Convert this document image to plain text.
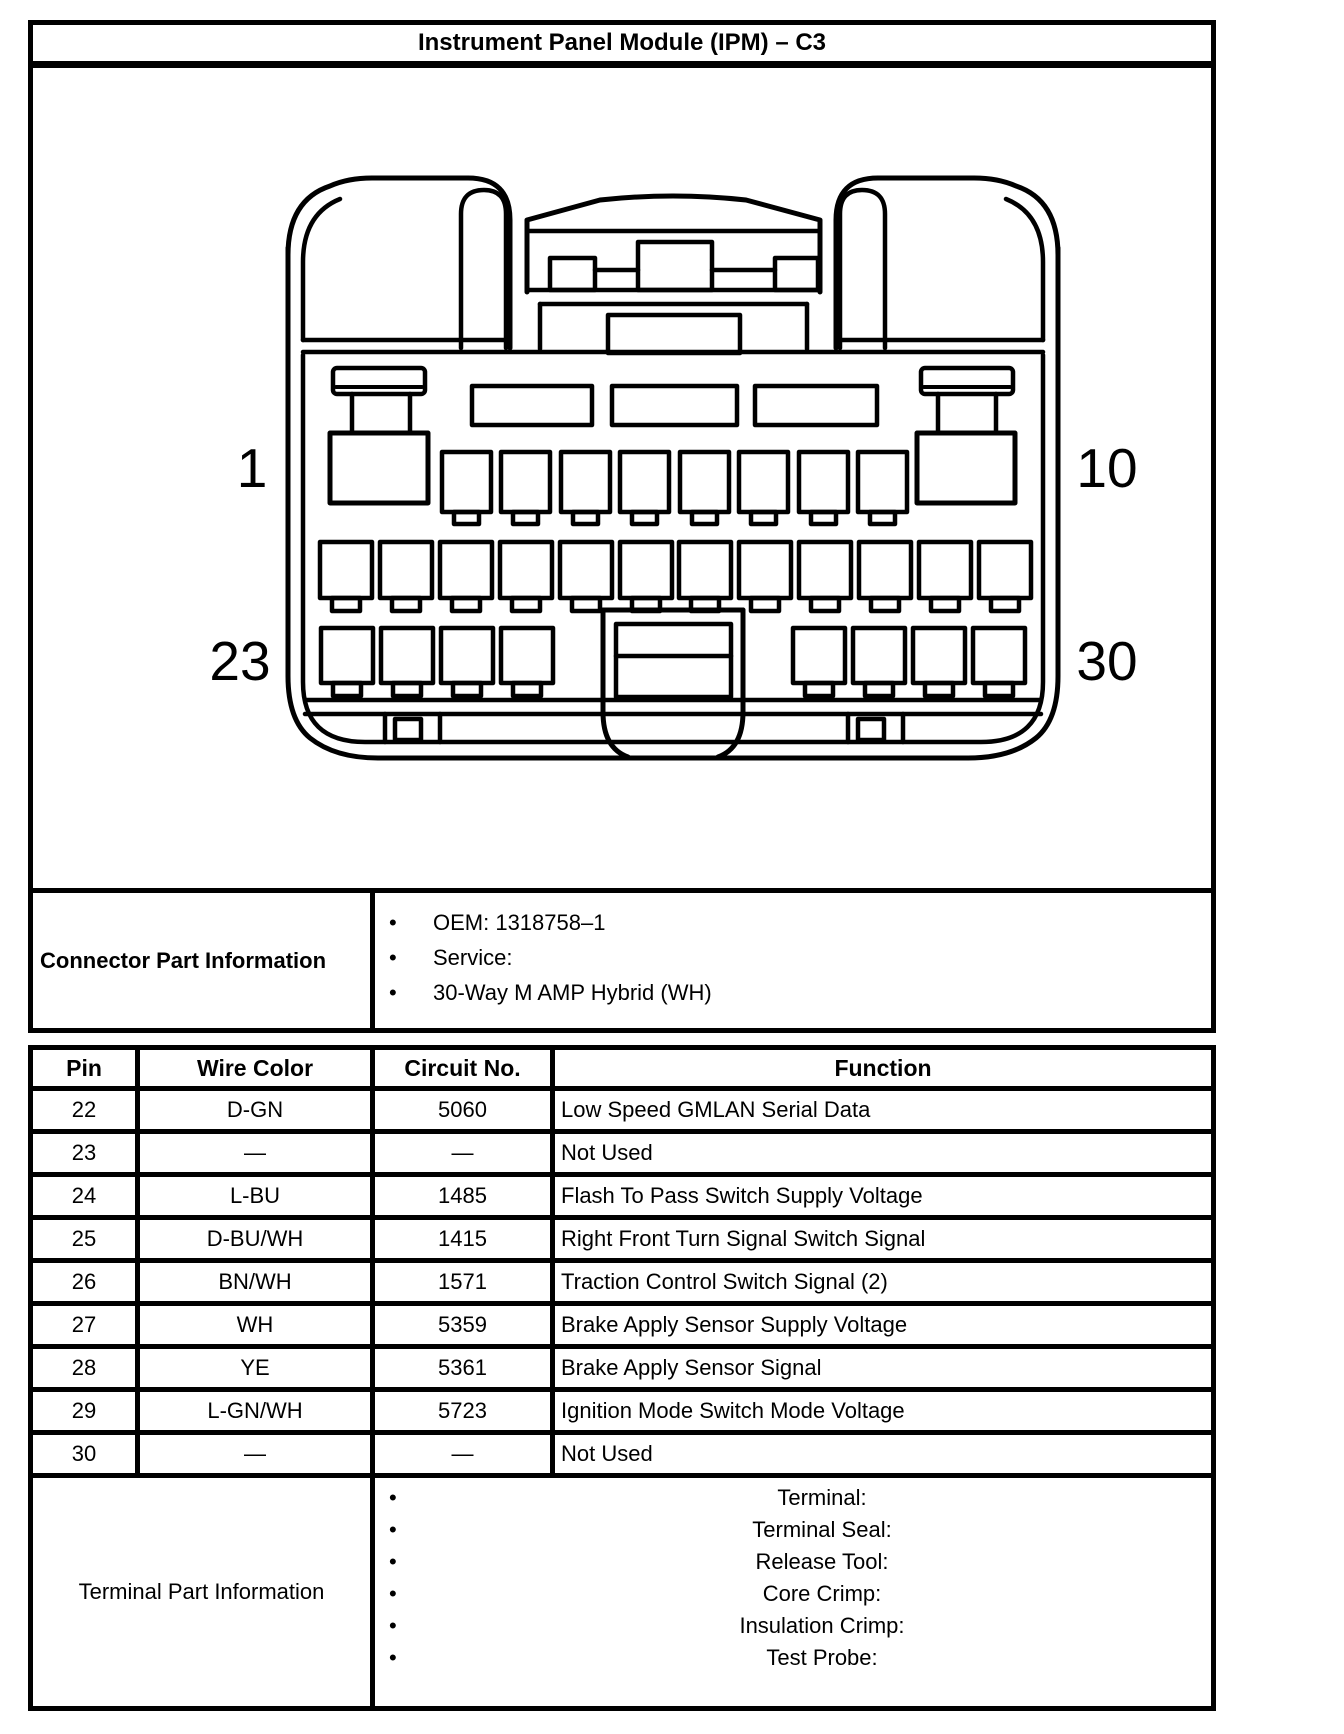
Instrument Panel Module (IPM) – C3

1	10
23	30

Connector Part Information	
• OEM: 1318758–1
• Service:
• 30-Way M AMP Hybrid (WH)
Pin	Wire Color	Circuit No.	Function
22	D-GN	5060	Low Speed GMLAN Serial Data
23	—	—	Not Used
24	L-BU	1485	Flash To Pass Switch Supply Voltage
25	D-BU/WH	1415	Right Front Turn Signal Switch Signal
26	BN/WH	1571	Traction Control Switch Signal (2)
27	WH	5359	Brake Apply Sensor Supply Voltage
28	YE	5361	Brake Apply Sensor Signal
29	L-GN/WH	5723	Ignition Mode Switch Mode Voltage
30	—	—	Not Used
Terminal Part Information	
• Terminal:
• Terminal Seal:
• Release Tool:
• Core Crimp:
• Insulation Crimp:
• Test Probe:
